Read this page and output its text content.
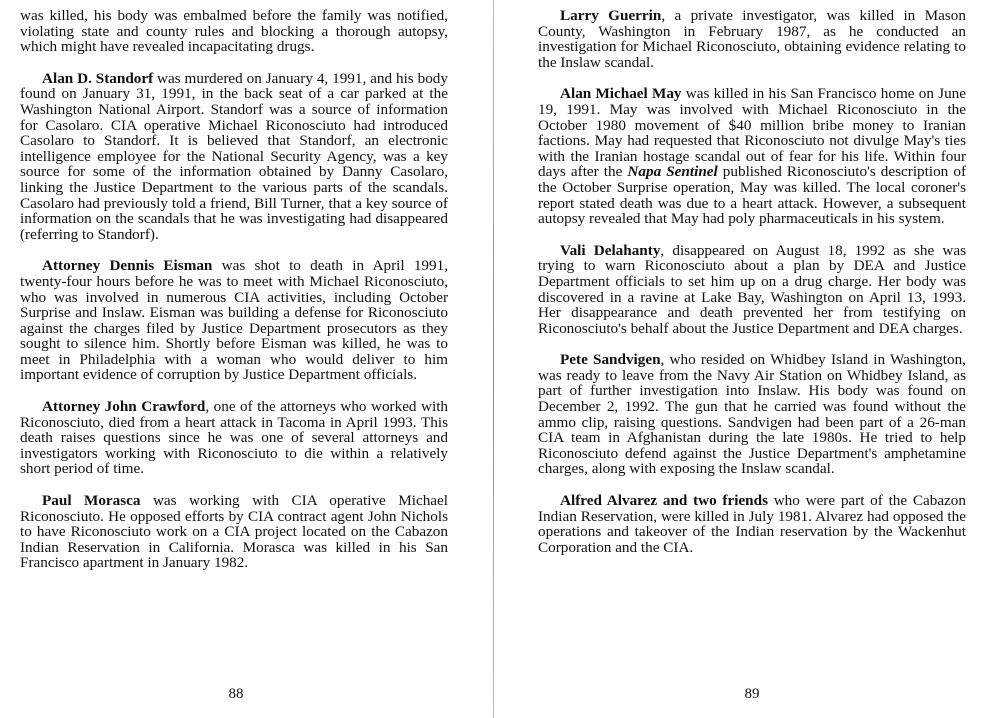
was killed, his body was embalmed before the family was notified, violating state and county rules and blocking a thorough autopsy, which might have revealed incapacitating drugs.

Alan D. Standorf was murdered on January 4, 1991, and his body found on January 31, 1991, in the back seat of a car parked at the Washington National Airport. Standorf was a source of information for Casolaro. CIA operative Michael Riconosciuto had introduced Casolaro to Standorf. It is believed that Standorf, an electronic intelligence employee for the National Security Agency, was a key source for some of the information obtained by Danny Casolaro, linking the Justice Department to the various parts of the scandals. Casolaro had previously told a friend, Bill Turner, that a key source of information on the scandals that he was investigating had disappeared (referring to Standorf).

Attorney Dennis Eisman was shot to death in April 1991, twenty-four hours before he was to meet with Michael Riconosciuto, who was involved in numerous CIA activities, including October Surprise and Inslaw. Eisman was building a defense for Riconosciuto against the charges filed by Justice Department prosecutors as they sought to silence him. Shortly before Eisman was killed, he was to meet in Philadelphia with a woman who would deliver to him important evidence of corruption by Justice Department officials.

Attorney John Crawford, one of the attorneys who worked with Riconosciuto, died from a heart attack in Tacoma in April 1993. This death raises questions since he was one of several attorneys and investigators working with Riconosciuto to die within a relatively short period of time.

Paul Morasca was working with CIA operative Michael Riconosciuto. He opposed efforts by CIA contract agent John Nichols to have Riconosciuto work on a CIA project located on the Cabazon Indian Reservation in California. Morasca was killed in his San Francisco apartment in January 1982.

88

Larry Guerrin, a private investigator, was killed in Mason County, Washington in February 1987, as he conducted an investigation for Michael Riconosciuto, obtaining evidence relating to the Inslaw scandal.

Alan Michael May was killed in his San Francisco home on June 19, 1991. May was involved with Michael Riconosciuto in the October 1980 movement of $40 million bribe money to Iranian factions. May had requested that Riconosciuto not divulge May's ties with the Iranian hostage scandal out of fear for his life. Within four days after the Napa Sentinel published Riconosciuto's description of the October Surprise operation, May was killed. The local coroner's report stated death was due to a heart attack. However, a subsequent autopsy revealed that May had poly pharmaceuticals in his system.

Vali Delahanty, disappeared on August 18, 1992 as she was trying to warn Riconosciuto about a plan by DEA and Justice Department officials to set him up on a drug charge. Her body was discovered in a ravine at Lake Bay, Washington on April 13, 1993. Her disappearance and death prevented her from testifying on Riconosciuto's behalf about the Justice Department and DEA charges.

Pete Sandvigen, who resided on Whidbey Island in Washington, was ready to leave from the Navy Air Station on Whidbey Island, as part of further investigation into Inslaw. His body was found on December 2, 1992. The gun that he carried was found without the ammo clip, raising questions. Sandvigen had been part of a 26-man CIA team in Afghanistan during the late 1980s. He tried to help Riconosciuto defend against the Justice Department's amphetamine charges, along with exposing the Inslaw scandal.

Alfred Alvarez and two friends who were part of the Cabazon Indian Reservation, were killed in July 1981. Alvarez had opposed the operations and takeover of the Indian reservation by the Wackenhut Corporation and the CIA.

89
